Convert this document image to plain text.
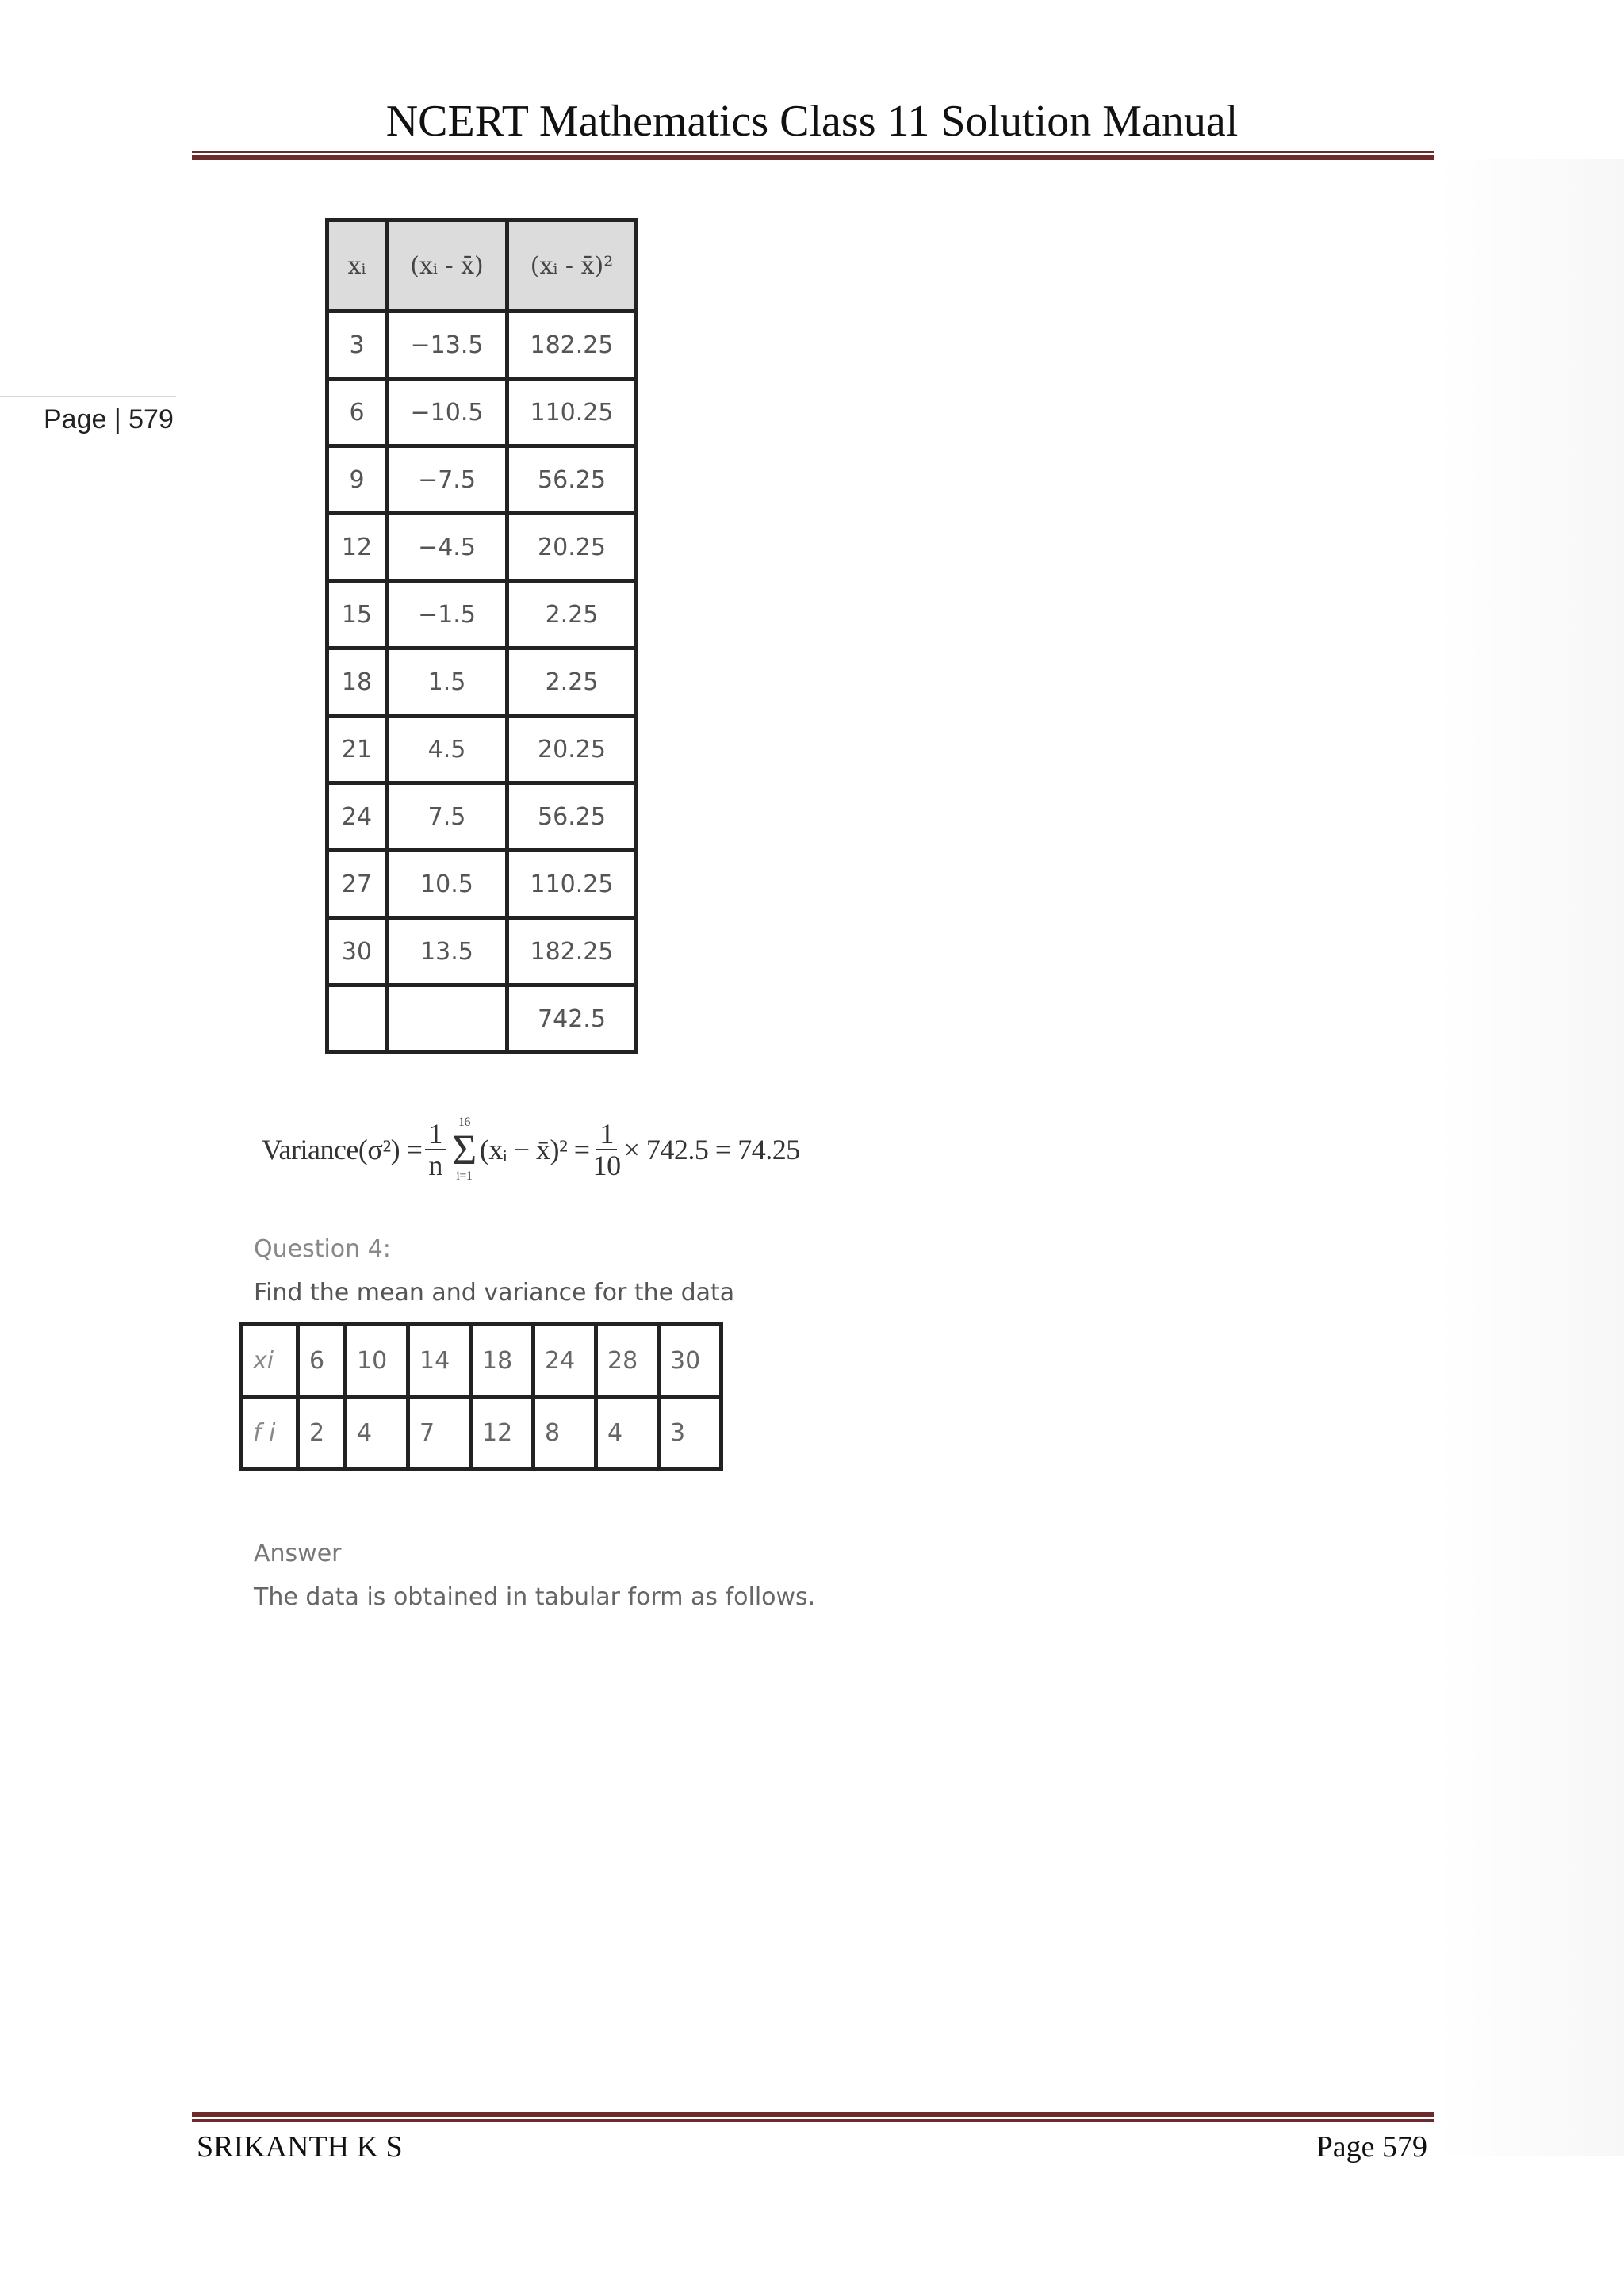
NCERT Mathematics Class 11 Solution Manual
Page | 579
xᵢ	(xᵢ - x̄)	(xᵢ - x̄)²
3	−13.5	182.25
6	−10.5	110.25
9	−7.5	56.25
12	−4.5	20.25
15	−1.5	2.25
18	1.5	2.25
21	4.5	20.25
24	7.5	56.25
27	10.5	110.25
30	13.5	182.25
		742.5
Variance $(\sigma^2) = \frac{1}{n} 16$
Σ
i=1
(xᵢ − x̄)² = $\frac{1}{10} \times 742.5 = 74.25$
Question 4:
Find the mean and variance for the data
xi	6	10	14	18	24	28	30
f i	2	4	7	12	8	4	3
Answer
The data is obtained in tabular form as follows.
SRIKANTH K S	Page 579
